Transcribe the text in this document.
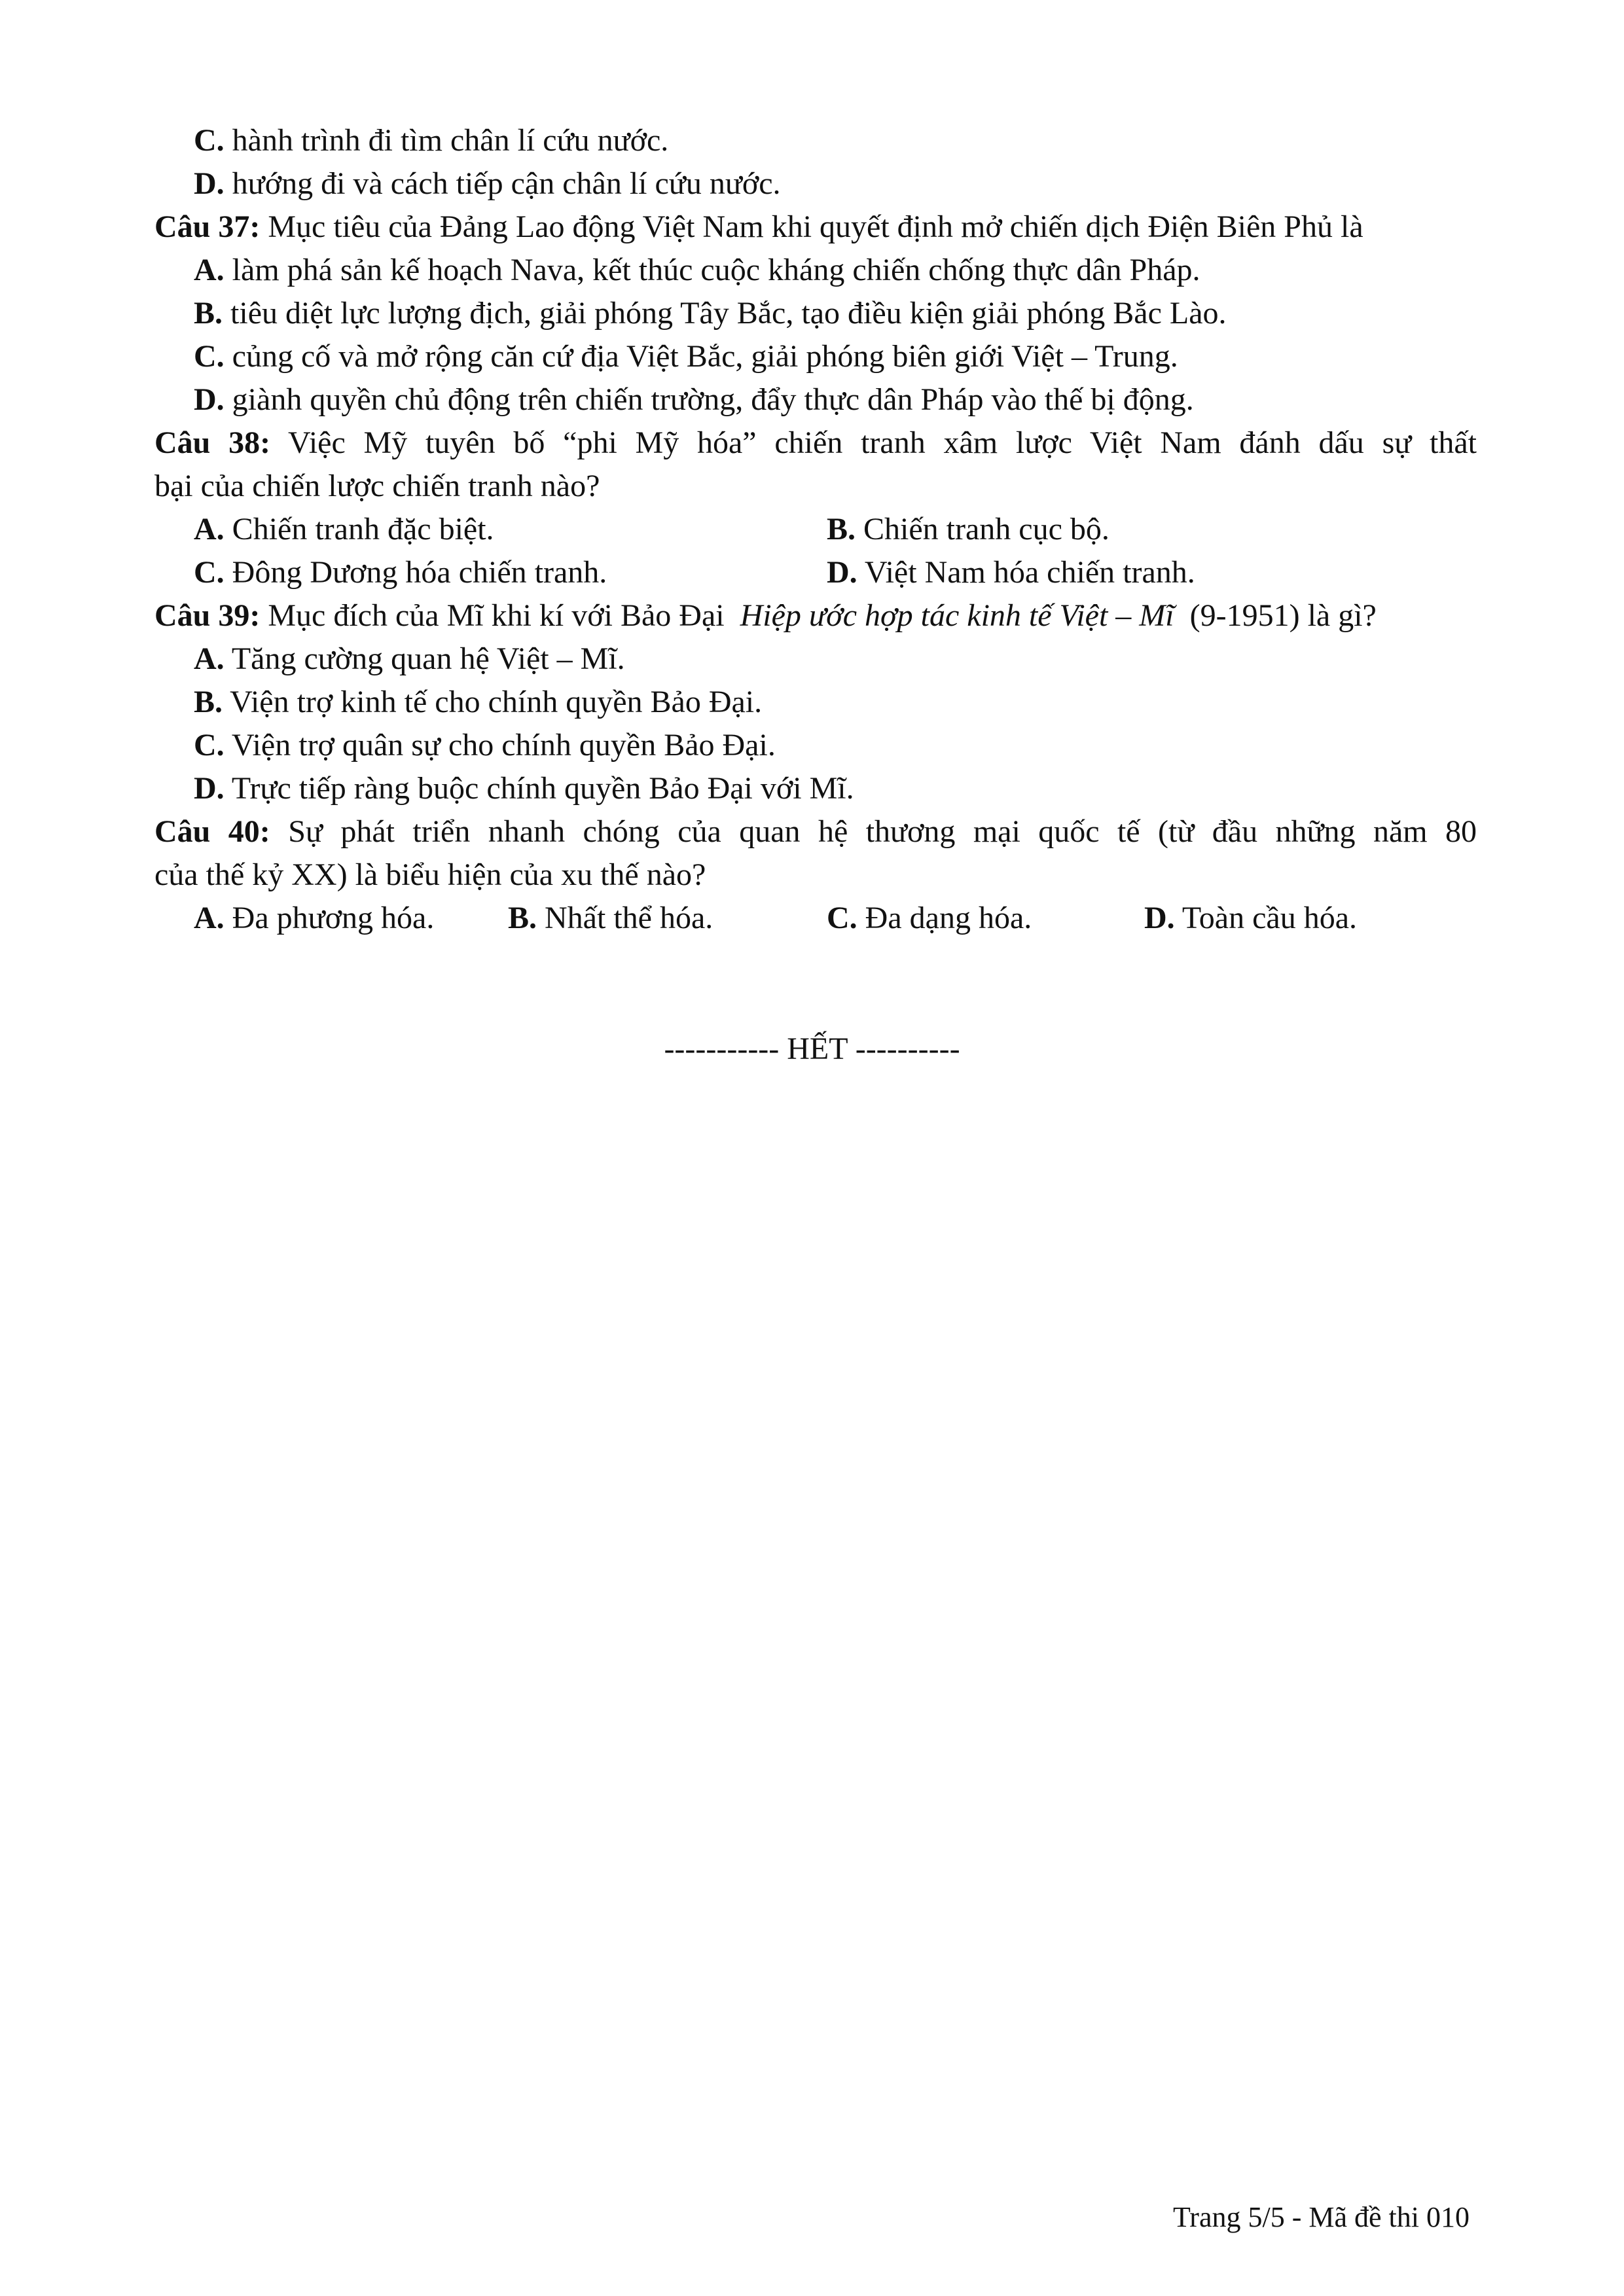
C. hành trình đi tìm chân lí cứu nước.
D. hướng đi và cách tiếp cận chân lí cứu nước.
Câu 37: Mục tiêu của Đảng Lao động Việt Nam khi quyết định mở chiến dịch Điện Biên Phủ là
A. làm phá sản kế hoạch Nava, kết thúc cuộc kháng chiến chống thực dân Pháp.
B. tiêu diệt lực lượng địch, giải phóng Tây Bắc, tạo điều kiện giải phóng Bắc Lào.
C. củng cố và mở rộng căn cứ địa Việt Bắc, giải phóng biên giới Việt – Trung.
D. giành quyền chủ động trên chiến trường, đẩy thực dân Pháp vào thế bị động.
Câu 38: Việc Mỹ tuyên bố “phi Mỹ hóa” chiến tranh xâm lược Việt Nam đánh dấu sự thất
bại của chiến lược chiến tranh nào?
A. Chiến tranh đặc biệt.	B. Chiến tranh cục bộ.
C. Đông Dương hóa chiến tranh.	D. Việt Nam hóa chiến tranh.
Câu 39: Mục đích của Mĩ khi kí với Bảo Đại Hiệp ước hợp tác kinh tế Việt – Mĩ (9-1951) là gì?
A. Tăng cường quan hệ Việt – Mĩ.
B. Viện trợ kinh tế cho chính quyền Bảo Đại.
C. Viện trợ quân sự cho chính quyền Bảo Đại.
D. Trực tiếp ràng buộc chính quyền Bảo Đại với Mĩ.
Câu 40: Sự phát triển nhanh chóng của quan hệ thương mại quốc tế (từ đầu những năm 80
của thế kỷ XX) là biểu hiện của xu thế nào?
A. Đa phương hóa. B. Nhất thể hóa.	C. Đa dạng hóa.	D. Toàn cầu hóa.
----------- HẾT ----------
Trang 5/5 - Mã đề thi 010
